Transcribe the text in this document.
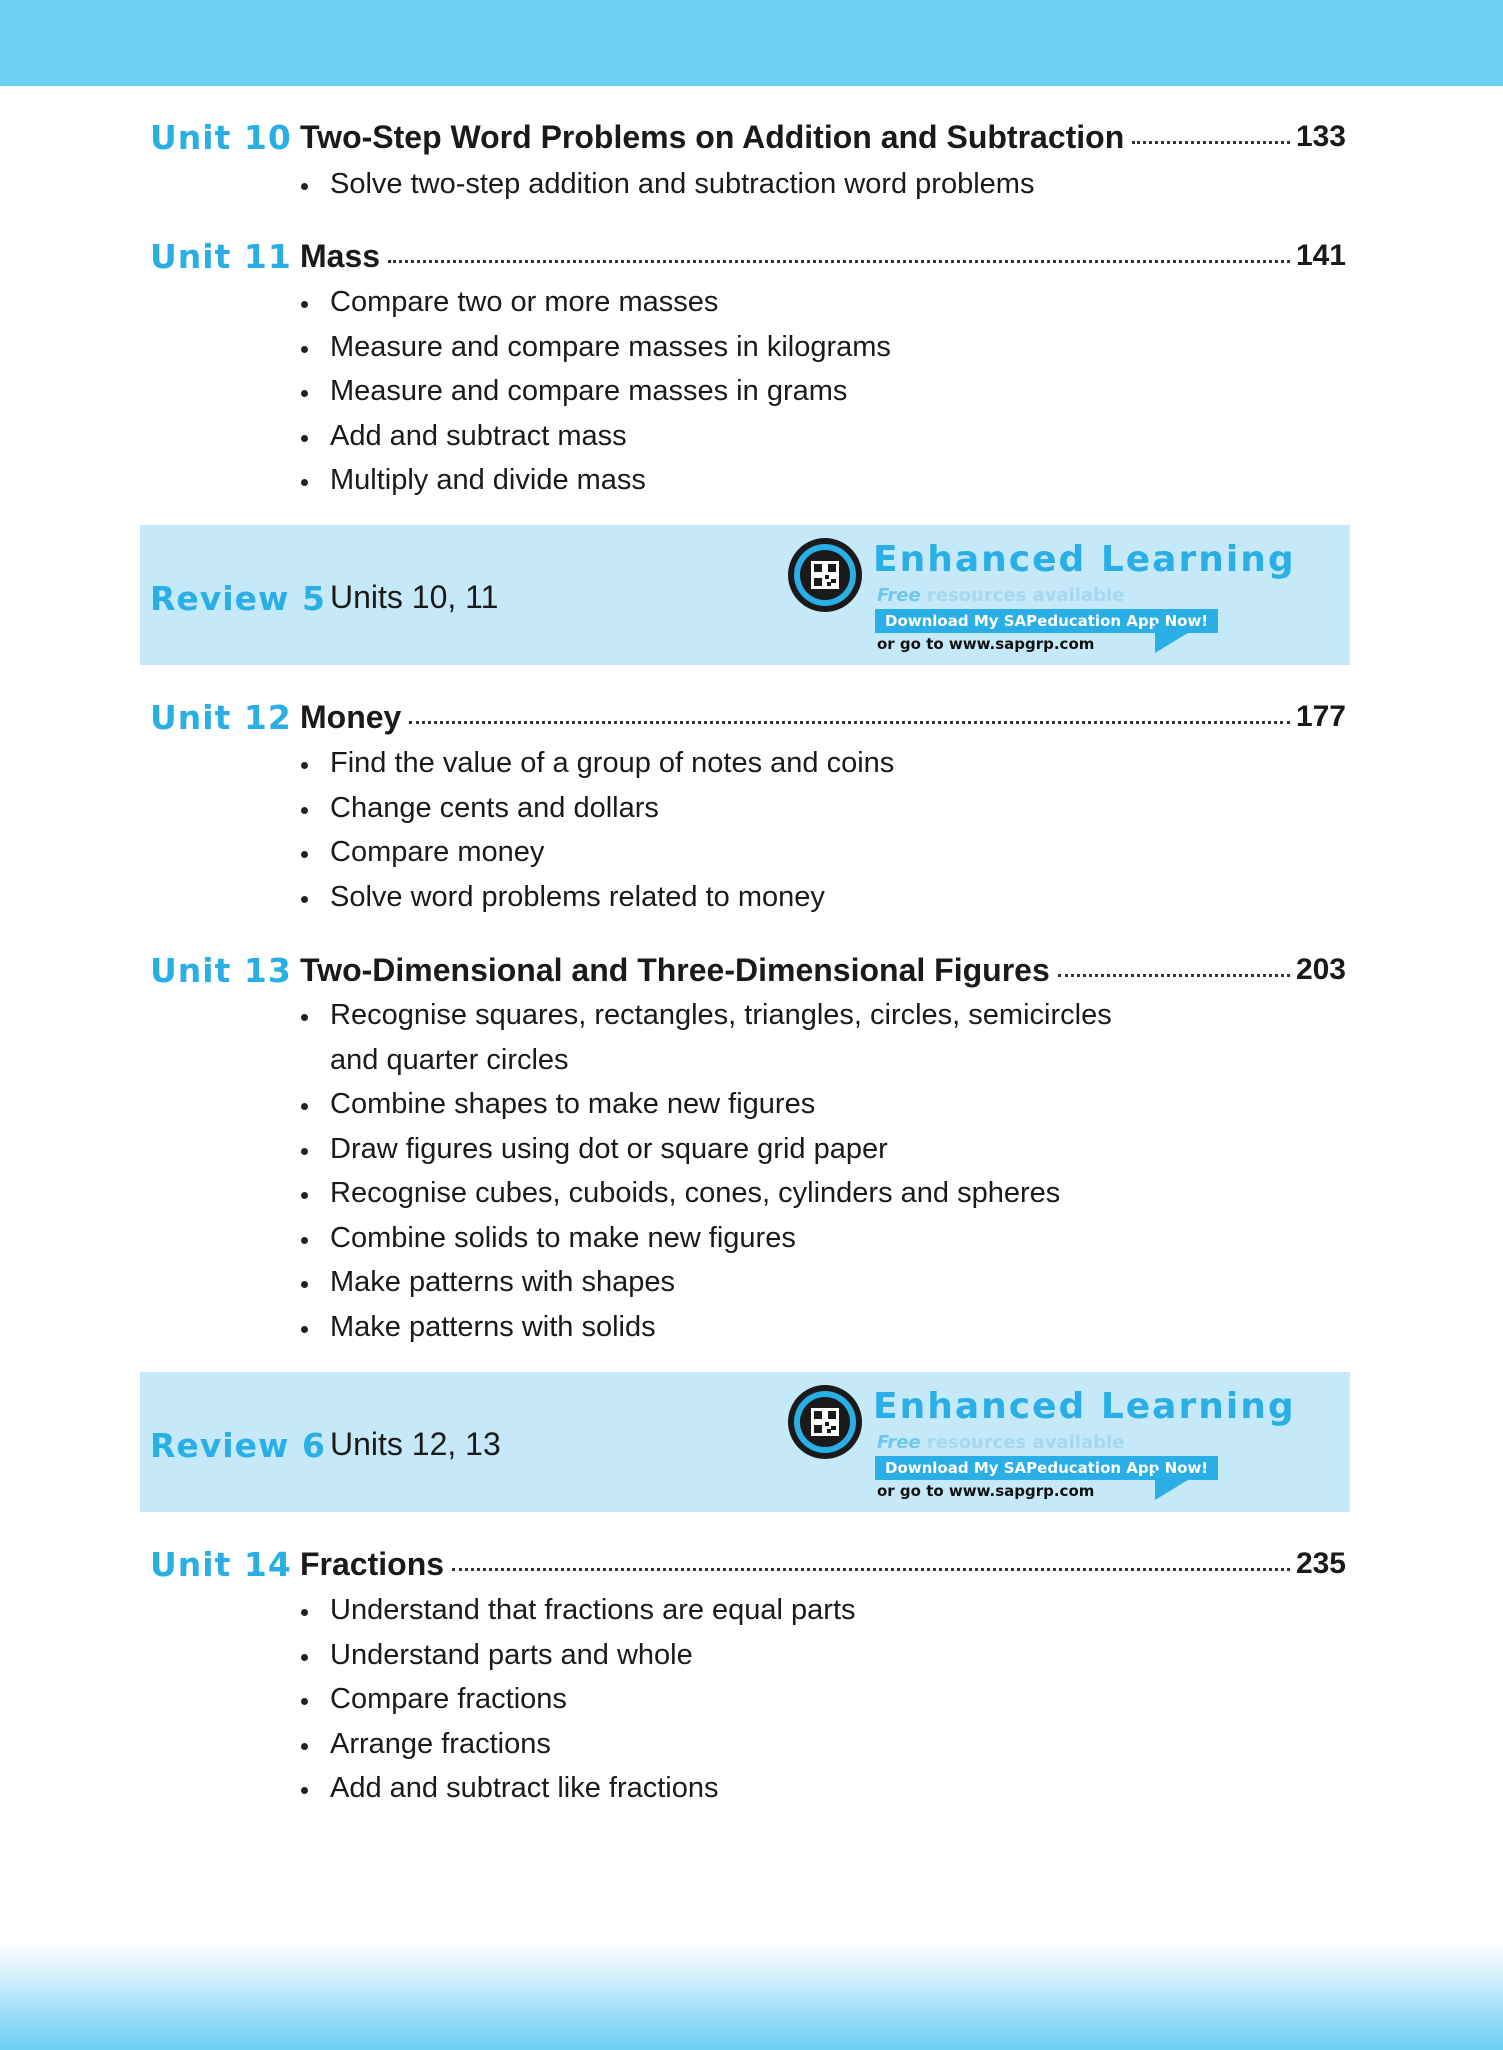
Unit 10 Two-Step Word Problems on Addition and Subtraction	133
Solve two-step addition and subtraction word problems
Unit 11 Mass	141
Compare two or more masses
Measure and compare masses in kilograms
Measure and compare masses in grams
Add and subtract mass
Multiply and divide mass
Review 5 Units 10, 11
Enhanced Learning
Free resources available
Download My SAPeducation App Now!
or go to www.sapgrp.com
Unit 12 Money	177
Find the value of a group of notes and coins
Change cents and dollars
Compare money
Solve word problems related to money
Unit 13 Two-Dimensional and Three-Dimensional Figures	203
Recognise squares, rectangles, triangles, circles, semicircles
and quarter circles
Combine shapes to make new figures
Draw figures using dot or square grid paper
Recognise cubes, cuboids, cones, cylinders and spheres
Combine solids to make new figures
Make patterns with shapes
Make patterns with solids
Review 6 Units 12, 13
Enhanced Learning
Free resources available
Download My SAPeducation App Now!
or go to www.sapgrp.com
Unit 14 Fractions	235
Understand that fractions are equal parts
Understand parts and whole
Compare fractions
Arrange fractions
Add and subtract like fractions
